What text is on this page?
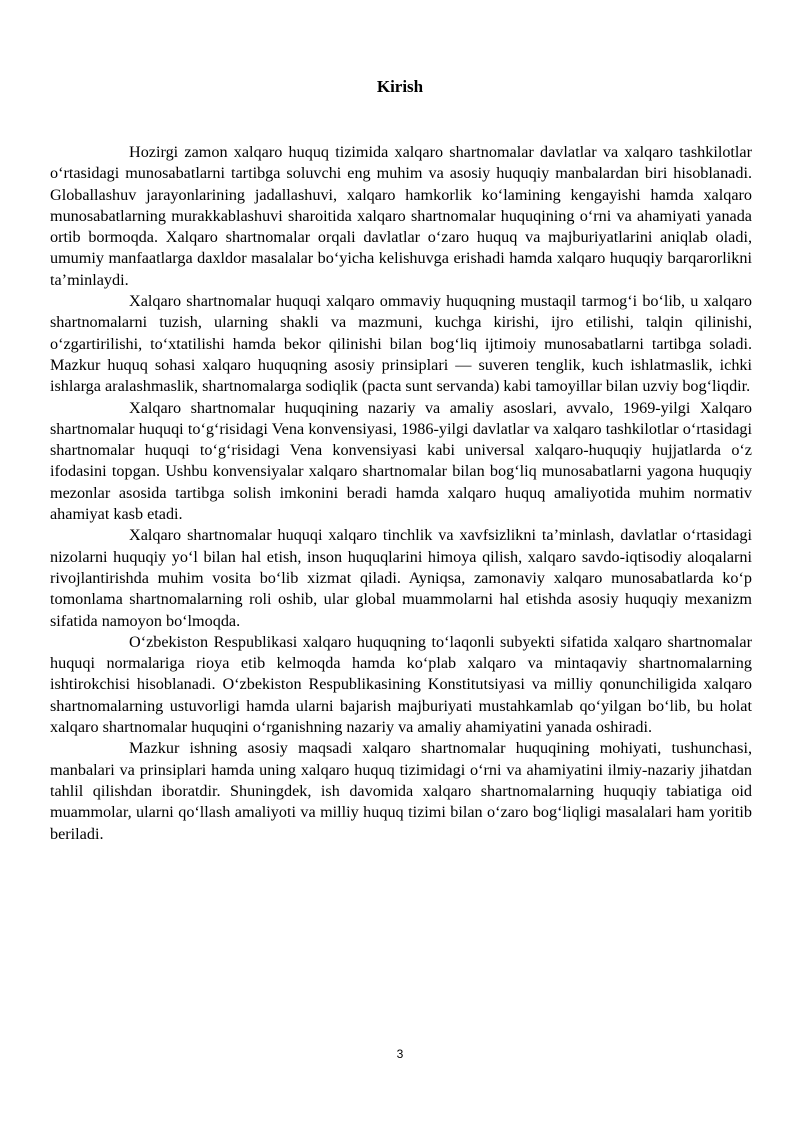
Kirish

Hozirgi zamon xalqaro huquq tizimida xalqaro shartnomalar davlatlar va xalqaro tashkilotlar o‘rtasidagi munosabatlarni tartibga soluvchi eng muhim va asosiy huquqiy manbalardan biri hisoblanadi. Globallashuv jarayonlarining jadallashuvi, xalqaro hamkorlik ko‘lamining kengayishi hamda xalqaro munosabatlarning murakkablashuvi sharoitida xalqaro shartnomalar huquqining o‘rni va ahamiyati yanada ortib bormoqda. Xalqaro shartnomalar orqali davlatlar o‘zaro huquq va majburiyatlarini aniqlab oladi, umumiy manfaatlarga daxldor masalalar bo‘yicha kelishuvga erishadi hamda xalqaro huquqiy barqarorlikni ta’minlaydi.

Xalqaro shartnomalar huquqi xalqaro ommaviy huquqning mustaqil tarmog‘i bo‘lib, u xalqaro shartnomalarni tuzish, ularning shakli va mazmuni, kuchga kirishi, ijro etilishi, talqin qilinishi, o‘zgartirilishi, to‘xtatilishi hamda bekor qilinishi bilan bog‘liq ijtimoiy munosabatlarni tartibga soladi. Mazkur huquq sohasi xalqaro huquqning asosiy prinsiplari — suveren tenglik, kuch ishlatmaslik, ichki ishlarga aralashmaslik, shartnomalarga sodiqlik (pacta sunt servanda) kabi tamoyillar bilan uzviy bog‘liqdir.

Xalqaro shartnomalar huquqining nazariy va amaliy asoslari, avvalo, 1969-yilgi Xalqaro shartnomalar huquqi to‘g‘risidagi Vena konvensiyasi, 1986-yilgi davlatlar va xalqaro tashkilotlar o‘rtasidagi shartnomalar huquqi to‘g‘risidagi Vena konvensiyasi kabi universal xalqaro-huquqiy hujjatlarda o‘z ifodasini topgan. Ushbu konvensiyalar xalqaro shartnomalar bilan bog‘liq munosabatlarni yagona huquqiy mezonlar asosida tartibga solish imkonini beradi hamda xalqaro huquq amaliyotida muhim normativ ahamiyat kasb etadi.

Xalqaro shartnomalar huquqi xalqaro tinchlik va xavfsizlikni ta’minlash, davlatlar o‘rtasidagi nizolarni huquqiy yo‘l bilan hal etish, inson huquqlarini himoya qilish, xalqaro savdo-iqtisodiy aloqalarni rivojlantirishda muhim vosita bo‘lib xizmat qiladi. Ayniqsa, zamonaviy xalqaro munosabatlarda ko‘p tomonlama shartnomalarning roli oshib, ular global muammolarni hal etishda asosiy huquqiy mexanizm sifatida namoyon bo‘lmoqda.

O‘zbekiston Respublikasi xalqaro huquqning to‘laqonli subyekti sifatida xalqaro shartnomalar huquqi normalariga rioya etib kelmoqda hamda ko‘plab xalqaro va mintaqaviy shartnomalarning ishtirokchisi hisoblanadi. O‘zbekiston Respublikasining Konstitutsiyasi va milliy qonunchiligida xalqaro shartnomalarning ustuvorligi hamda ularni bajarish majburiyati mustahkamlab qo‘yilgan bo‘lib, bu holat xalqaro shartnomalar huquqini o‘rganishning nazariy va amaliy ahamiyatini yanada oshiradi.

Mazkur ishning asosiy maqsadi xalqaro shartnomalar huquqining mohiyati, tushunchasi, manbalari va prinsiplari hamda uning xalqaro huquq tizimidagi o‘rni va ahamiyatini ilmiy-nazariy jihatdan tahlil qilishdan iboratdir. Shuningdek, ish davomida xalqaro shartnomalarning huquqiy tabiatiga oid muammolar, ularni qo‘llash amaliyoti va milliy huquq tizimi bilan o‘zaro bog‘liqligi masalalari ham yoritib beriladi.

3
